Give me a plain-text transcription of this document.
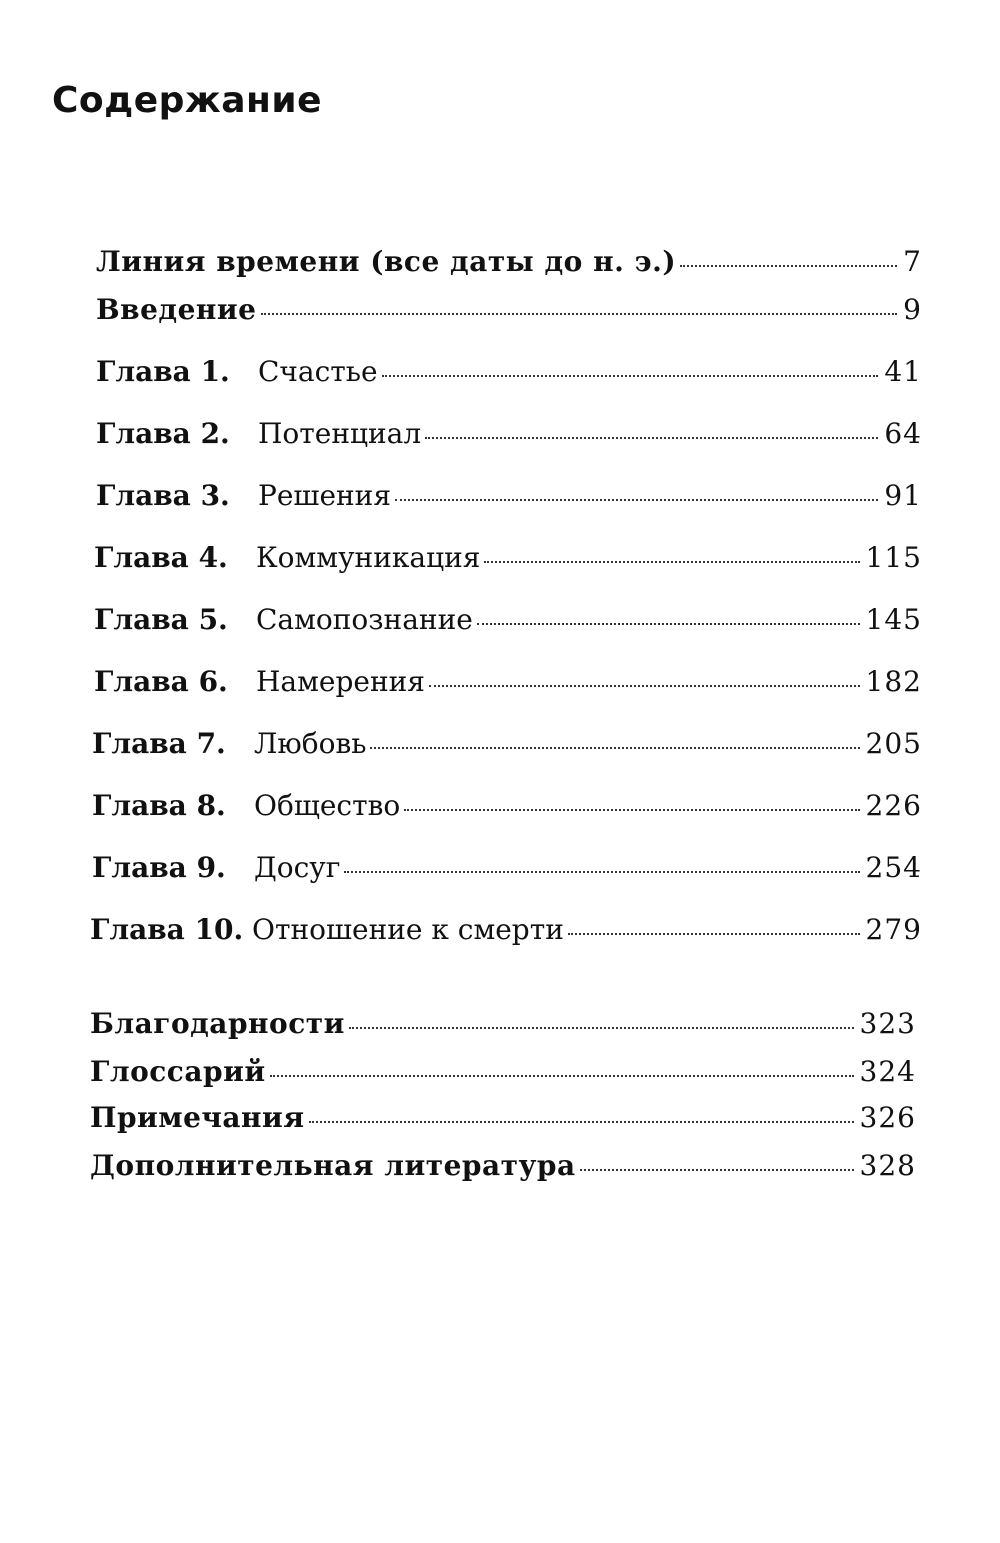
Содержание
Линия времени (все даты до н. э.)	7
Введение	9
Глава 1.	Счастье	41
Глава 2.	Потенциал	64
Глава 3.	Решения	91
Глава 4.	Коммуникация	115
Глава 5.	Самопознание	145
Глава 6.	Намерения	182
Глава 7.	Любовь	205
Глава 8.	Общество	226
Глава 9.	Досуг	254
Глава 10. Отношение к смерти	279
Благодарности	323
Глоссарий	324
Примечания	326
Дополнительная литература	328
